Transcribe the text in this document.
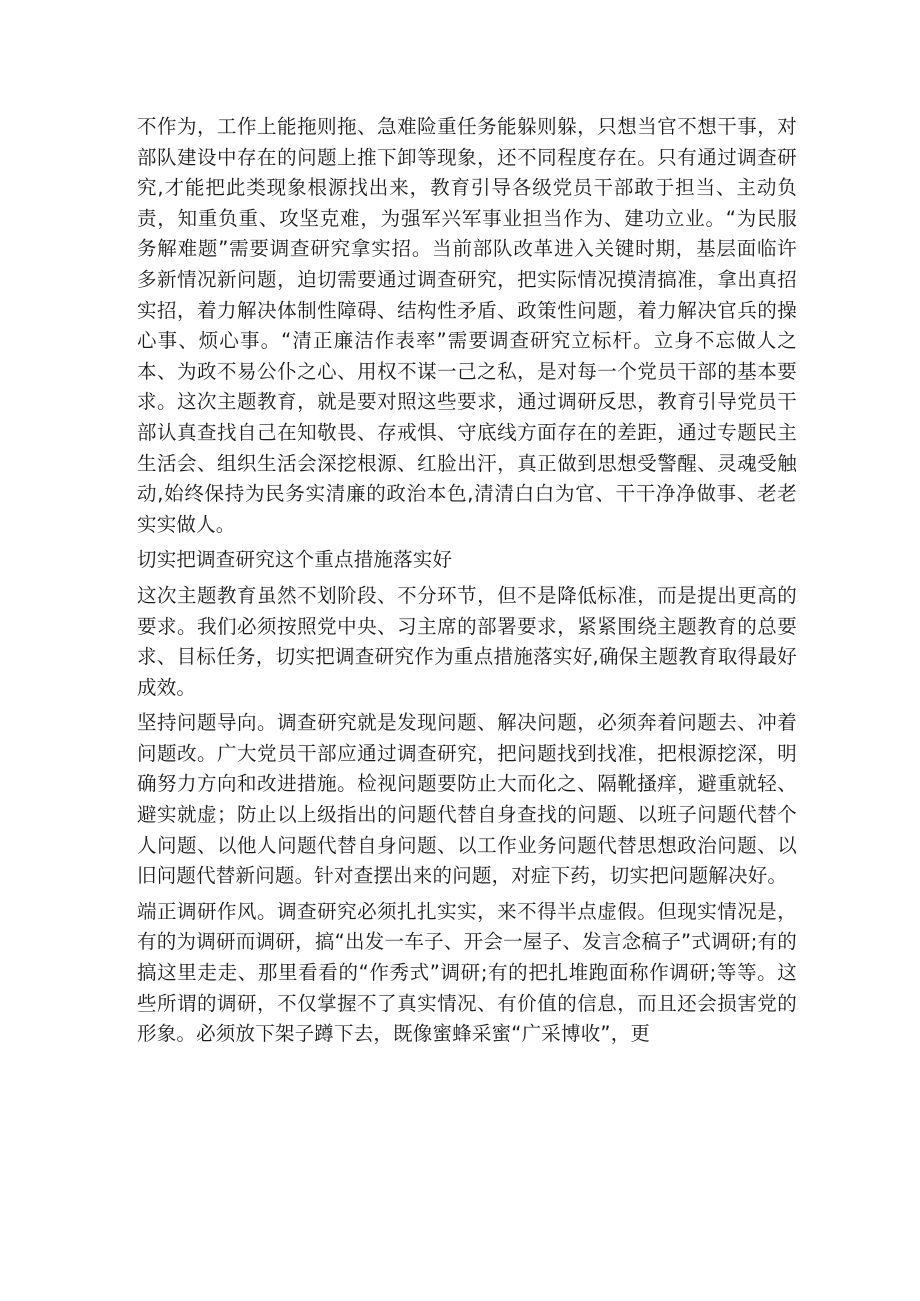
不作为，工作上能拖则拖、急难险重任务能躲则躲，只想当官不想干事，对部队建设中存在的问题上推下卸等现象，还不同程度存在。只有通过调查研究,才能把此类现象根源找出来，教育引导各级党员干部敢于担当、主动负责，知重负重、攻坚克难，为强军兴军事业担当作为、建功立业。“为民服务解难题”需要调查研究拿实招。当前部队改革进入关键时期，基层面临许多新情况新问题，迫切需要通过调查研究，把实际情况摸清搞准，拿出真招实招，着力解决体制性障碍、结构性矛盾、政策性问题，着力解决官兵的操心事、烦心事。“清正廉洁作表率”需要调查研究立标杆。立身不忘做人之本、为政不易公仆之心、用权不谋一己之私，是对每一个党员干部的基本要求。这次主题教育，就是要对照这些要求，通过调研反思，教育引导党员干部认真查找自己在知敬畏、存戒惧、守底线方面存在的差距，通过专题民主生活会、组织生活会深挖根源、红脸出汗，真正做到思想受警醒、灵魂受触动,始终保持为民务实清廉的政治本色,清清白白为官、干干净净做事、老老实实做人。

切实把调查研究这个重点措施落实好

这次主题教育虽然不划阶段、不分环节，但不是降低标准，而是提出更高的要求。我们必须按照党中央、习主席的部署要求，紧紧围绕主题教育的总要求、目标任务，切实把调查研究作为重点措施落实好,确保主题教育取得最好成效。

坚持问题导向。调查研究就是发现问题、解决问题，必须奔着问题去、冲着问题改。广大党员干部应通过调查研究，把问题找到找准，把根源挖深，明确努力方向和改进措施。检视问题要防止大而化之、隔靴搔痒，避重就轻、避实就虚；防止以上级指出的问题代替自身查找的问题、以班子问题代替个人问题、以他人问题代替自身问题、以工作业务问题代替思想政治问题、以旧问题代替新问题。针对查摆出来的问题，对症下药，切实把问题解决好。

端正调研作风。调查研究必须扎扎实实，来不得半点虚假。但现实情况是，有的为调研而调研，搞“出发一车子、开会一屋子、发言念稿子”式调研;有的搞这里走走、那里看看的“作秀式”调研;有的把扎堆跑面称作调研;等等。这些所谓的调研，不仅掌握不了真实情况、有价值的信息，而且还会损害党的形象。必须放下架子蹲下去，既像蜜蜂采蜜“广采博收”，更
